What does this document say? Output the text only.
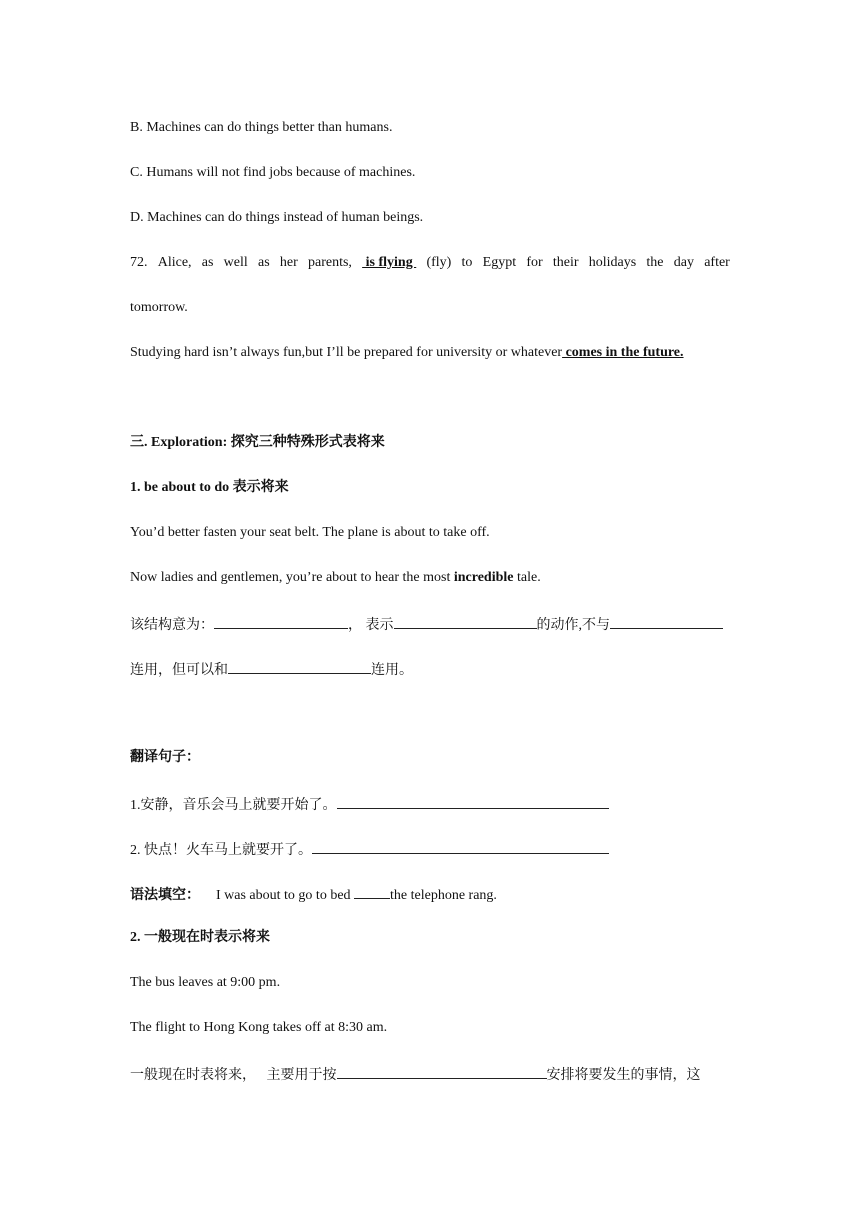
B. Machines can do things better than humans.
C. Humans will not find jobs because of machines.
D. Machines can do things instead of human beings.
72. Alice, as well as her parents, is flying (fly) to Egypt for their holidays the day after
tomorrow.
Studying hard isn’t always fun,but I’ll be prepared for university or whatever comes in the future.
三. Exploration: 探究三种特殊形式表将来
1. be about to do 表示将来
You’d better fasten your seat belt. The plane is about to take off.
Now ladies and gentlemen, you’re about to hear the most incredible tale.
该结构意为：	， 表示	的动作,不与
连用，但可以和	连用。
翻译句子：
1.安静，音乐会马上就要开始了。
2. 快点！火车马上就要开了。
语法填空： I was about to go to bed	the telephone rang.
2. 一般现在时表示将来
The bus leaves at 9:00 pm.
The flight to Hong Kong takes off at 8:30 am.
一般现在时表将来，   主要用于按	安排将要发生的事情，这
